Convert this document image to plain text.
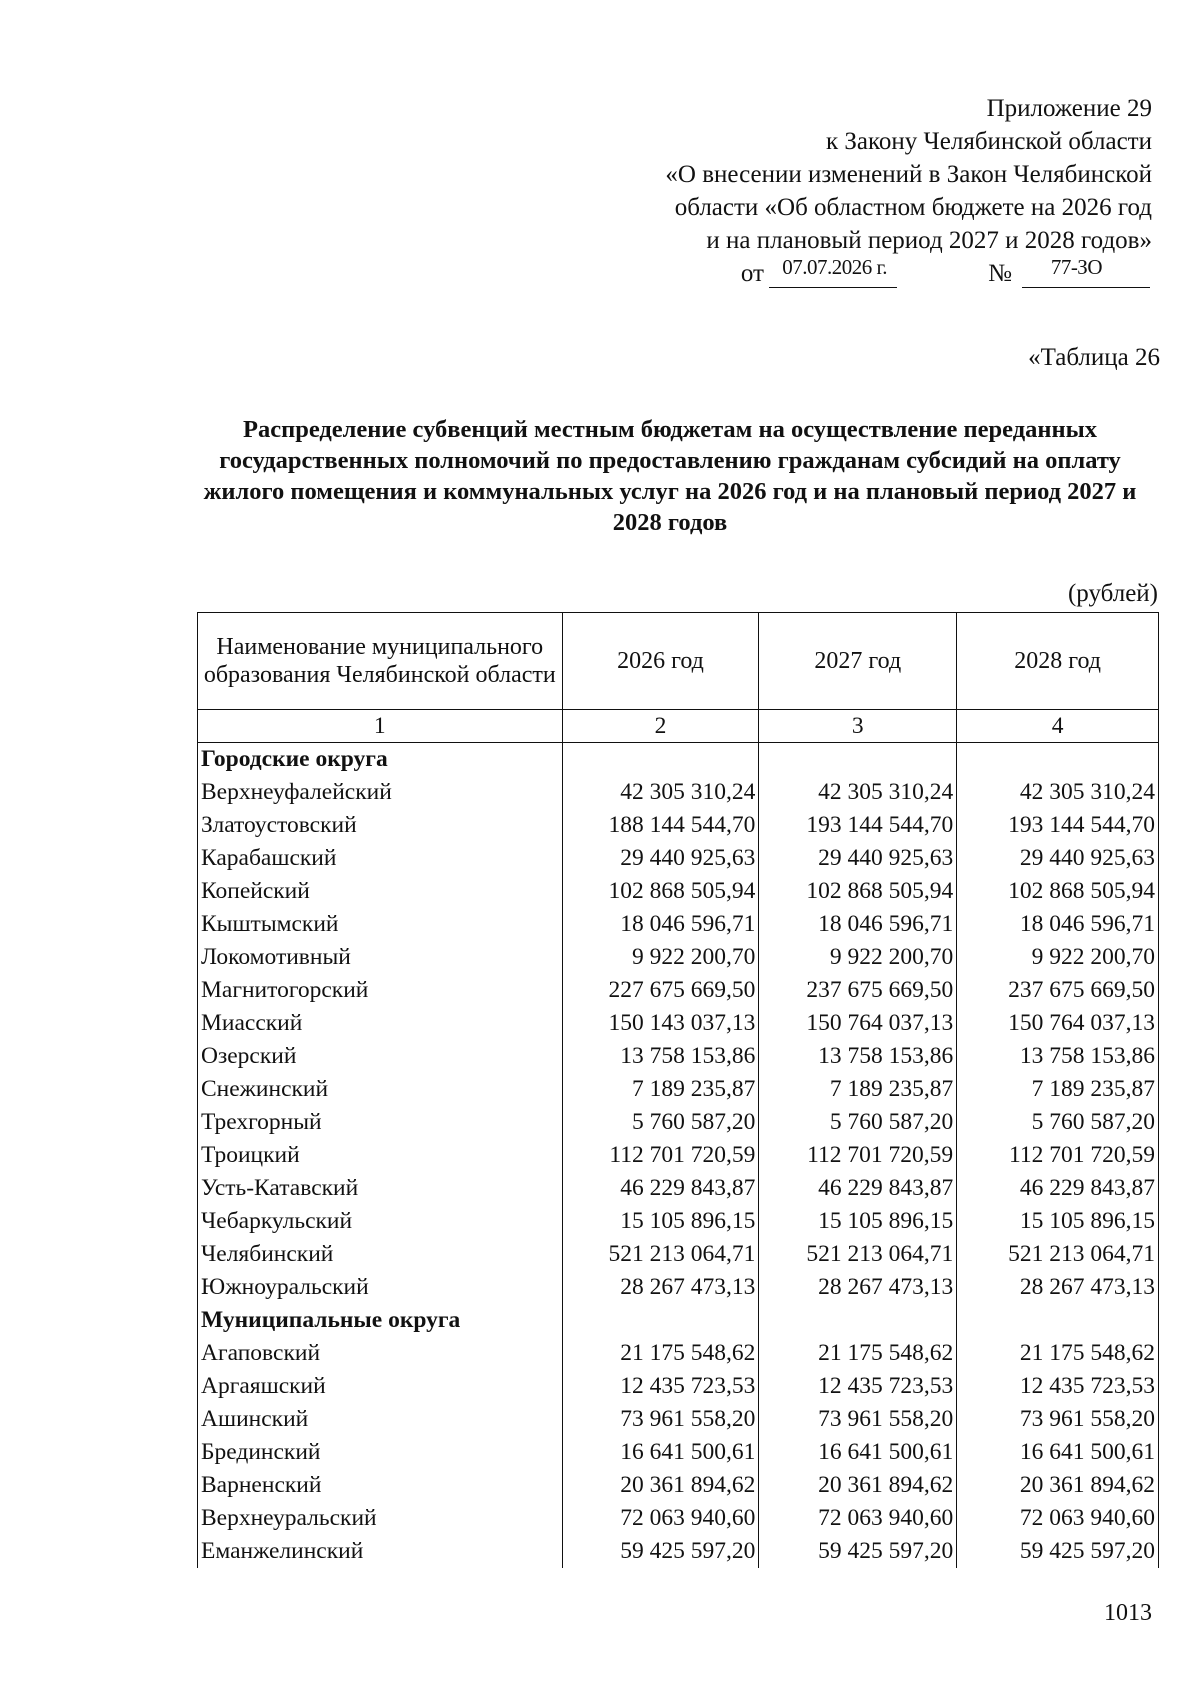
Приложение 29
к Закону Челябинской области
«О внесении изменений в Закон Челябинской
области «Об областном бюджете на 2026 год
и на плановый период 2027 и 2028 годов»
от 07.07.2026 г.	№ 77-ЗО
«Таблица 26
Распределение субвенций местным бюджетам на осуществление переданных государственных полномочий по предоставлению гражданам субсидий на оплату жилого помещения и коммунальных услуг на 2026 год и на плановый период 2027 и 2028 годов
(рублей)
Наименование муниципального образования Челябинской области	2026 год	2027 год	2028 год
1	2	3	4
Городские округа			
Верхнеуфалейский	42 305 310,24	42 305 310,24	42 305 310,24
Златоустовский	188 144 544,70	193 144 544,70	193 144 544,70
Карабашский	29 440 925,63	29 440 925,63	29 440 925,63
Копейский	102 868 505,94	102 868 505,94	102 868 505,94
Кыштымский	18 046 596,71	18 046 596,71	18 046 596,71
Локомотивный	9 922 200,70	9 922 200,70	9 922 200,70
Магнитогорский	227 675 669,50	237 675 669,50	237 675 669,50
Миасский	150 143 037,13	150 764 037,13	150 764 037,13
Озерский	13 758 153,86	13 758 153,86	13 758 153,86
Снежинский	7 189 235,87	7 189 235,87	7 189 235,87
Трехгорный	5 760 587,20	5 760 587,20	5 760 587,20
Троицкий	112 701 720,59	112 701 720,59	112 701 720,59
Усть-Катавский	46 229 843,87	46 229 843,87	46 229 843,87
Чебаркульский	15 105 896,15	15 105 896,15	15 105 896,15
Челябинский	521 213 064,71	521 213 064,71	521 213 064,71
Южноуральский	28 267 473,13	28 267 473,13	28 267 473,13
Муниципальные округа			
Агаповский	21 175 548,62	21 175 548,62	21 175 548,62
Аргаяшский	12 435 723,53	12 435 723,53	12 435 723,53
Ашинский	73 961 558,20	73 961 558,20	73 961 558,20
Брединский	16 641 500,61	16 641 500,61	16 641 500,61
Варненский	20 361 894,62	20 361 894,62	20 361 894,62
Верхнеуральский	72 063 940,60	72 063 940,60	72 063 940,60
Еманжелинский	59 425 597,20	59 425 597,20	59 425 597,20
1013
